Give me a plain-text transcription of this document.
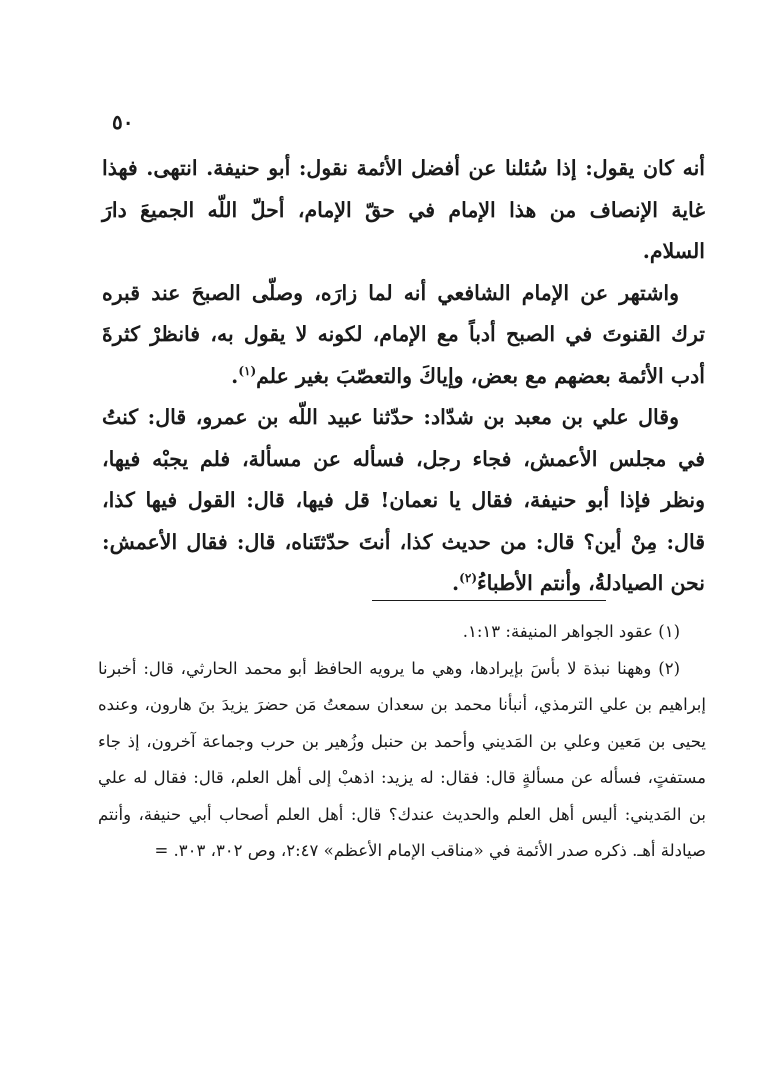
٥٠

أنه كان يقول: إذا سُئلنا عن أفضل الأئمة نقول: أبو حنيفة. انتهى. فهذا غاية الإنصاف من هذا الإمام في حقّ الإمام، أحلّ اللّه الجميعَ دارَ السلام.

واشتهر عن الإمام الشافعي أنه لما زارَه، وصلّى الصبحَ عند قبره ترك القنوتَ في الصبح أدباً مع الإمام، لكونه لا يقول به، فانظرْ كثرةَ أدب الأئمة بعضهم مع بعض، وإياكَ والتعصّبَ بغير علم$^{(١)}$.

وقال علي بن معبد بن شدّاد: حدّثنا عبيد اللّه بن عمرو، قال: كنتُ في مجلس الأعمش، فجاء رجل، فسأله عن مسألة، فلم يجبْه فيها، ونظر فإذا أبو حنيفة، فقال يا نعمان! قل فيها، قال: القول فيها كذا، قال: مِنْ أين؟ قال: من حديث كذا، أنتَ حدّثتَناه، قال: فقال الأعمش: نحن الصيادلةُ، وأنتم الأطباءُ$^{(٢)}$.

(١) عقود الجواهر المنيفة: ١:١٣.

(٢) وههنا نبذة لا بأسَ بإيرادها، وهي ما يرويه الحافظ أبو محمد الحارثي، قال: أخبرنا إبراهيم بن علي الترمذي، أنبأنا محمد بن سعدان سمعتُ مَن حضرَ يزيدَ بنَ هارون، وعنده يحيى بن مَعين وعلي بن المَديني وأحمد بن حنبل وزُهير بن حرب وجماعة آخرون، إذ جاء مستفتٍ، فسأله عن مسألةٍ قال: فقال: له يزيد: اذهبْ إلى أهل العلم، قال: فقال له علي بن المَديني: أليس أهل العلم والحديث عندك؟ قال: أهل العلم أصحاب أبي حنيفة، وأنتم صيادلة أهـ. ذكره صدر الأئمة في «مناقب الإمام الأعظم» ٢:٤٧، وص ٣٠٢، ٣٠٣. =
